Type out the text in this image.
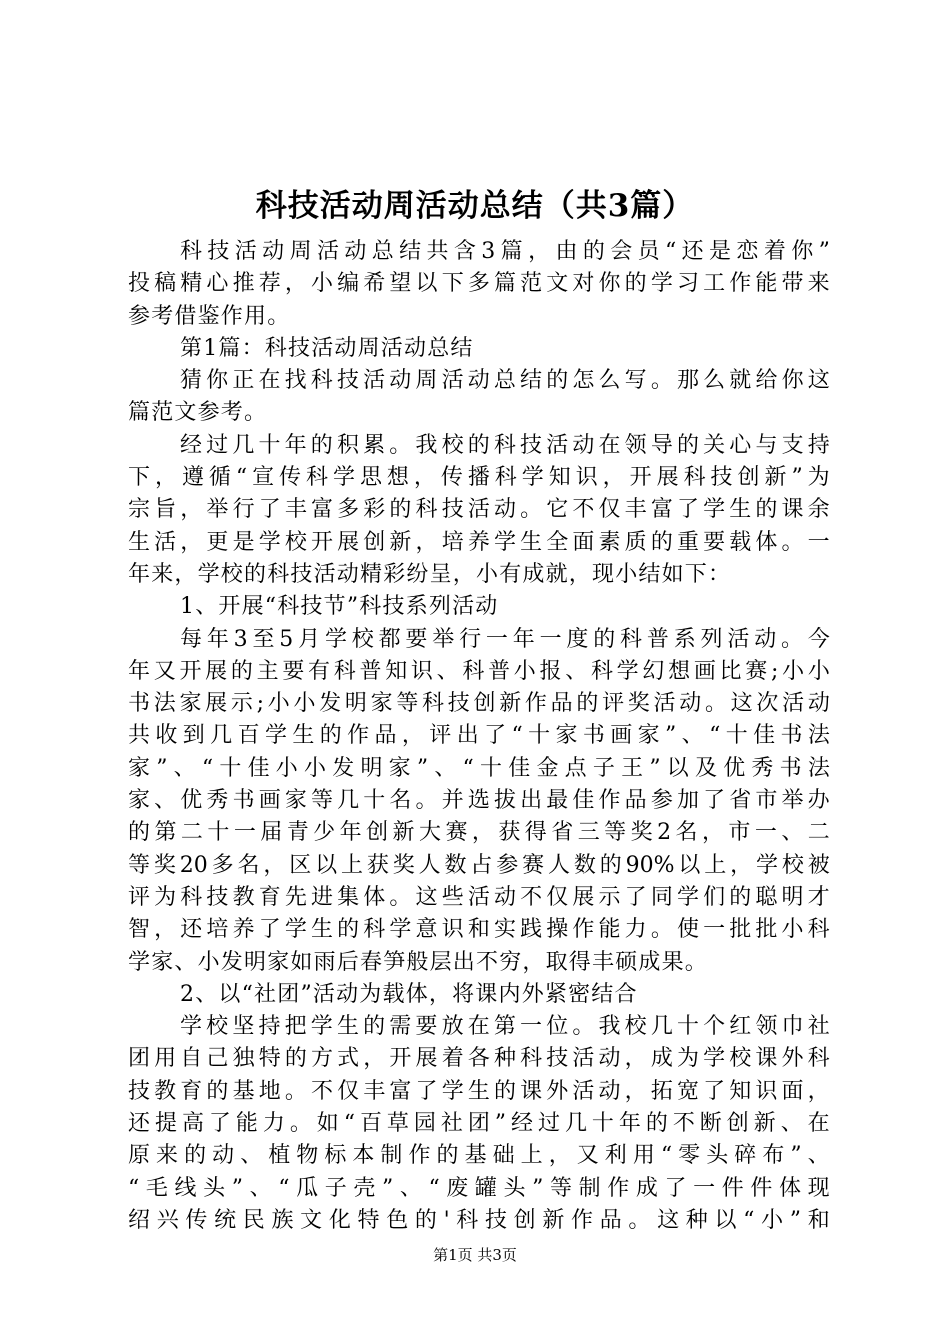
科技活动周活动总结（共3篇）
科 技 活 动 周 活 动 总 结 共 含 3 篇 ， 由 的 会 员 “ 还 是 恋 着 你 ”
投 稿 精 心 推 荐 ， 小 编 希 望 以 下 多 篇 范 文 对 你 的 学 习 工 作 能 带 来
参考借鉴作用。
第1篇：科技活动周活动总结
猜 你 正 在 找 科 技 活 动 周 活 动 总 结 的 怎 么 写 。 那 么 就 给 你 这
篇范文参考。
经 过 几 十 年 的 积 累 。 我 校 的 科 技 活 动 在 领 导 的 关 心 与 支 持
下 ， 遵 循 “ 宣 传 科 学 思 想 ， 传 播 科 学 知 识 ， 开 展 科 技 创 新 ” 为
宗 旨 ， 举 行 了 丰 富 多 彩 的 科 技 活 动 。 它 不 仅 丰 富 了 学 生 的 课 余
生 活 ， 更 是 学 校 开 展 创 新 ， 培 养 学 生 全 面 素 质 的 重 要 载 体 。 一
年来，学校的科技活动精彩纷呈，小有成就，现小结如下：
1、开展“科技节”科技系列活动
每 年 3 至 5 月 学 校 都 要 举 行 一 年 一 度 的 科 普 系 列 活 动 。 今
年 又 开 展 的 主 要 有 科 普 知 识 、 科 普 小 报 、 科 学 幻 想 画 比 赛 ; 小 小
书 法 家 展 示 ; 小 小 发 明 家 等 科 技 创 新 作 品 的 评 奖 活 动 。 这 次 活 动
共 收 到 几 百 学 生 的 作 品 ， 评 出 了 “ 十 家 书 画 家 ” 、 “ 十 佳 书 法
家 ” 、 “ 十 佳 小 小 发 明 家 ” 、 “ 十 佳 金 点 子 王 ” 以 及 优 秀 书 法
家 、 优 秀 书 画 家 等 几 十 名 。 并 选 拔 出 最 佳 作 品 参 加 了 省 市 举 办
的 第 二 十 一 届 青 少 年 创 新 大 赛 ， 获 得 省 三 等 奖 2 名 ， 市 一 、 二
等 奖 20 多 名 ， 区 以 上 获 奖 人 数 占 参 赛 人 数 的 90% 以 上 ， 学 校 被
评 为 科 技 教 育 先 进 集 体 。 这 些 活 动 不 仅 展 示 了 同 学 们 的 聪 明 才
智 ， 还 培 养 了 学 生 的 科 学 意 识 和 实 践 操 作 能 力 。 使 一 批 批 小 科
学家、小发明家如雨后春笋般层出不穷，取得丰硕成果。
2、以“社团”活动为载体，将课内外紧密结合
学 校 坚 持 把 学 生 的 需 要 放 在 第 一 位 。 我 校 几 十 个 红 领 巾 社
团 用 自 己 独 特 的 方 式 ， 开 展 着 各 种 科 技 活 动 ， 成 为 学 校 课 外 科
技 教 育 的 基 地 。 不 仅 丰 富 了 学 生 的 课 外 活 动 ， 拓 宽 了 知 识 面 ，
还 提 高 了 能 力 。 如 “ 百 草 园 社 团 ” 经 过 几 十 年 的 不 断 创 新 、 在
原 来 的 动 、 植 物 标 本 制 作 的 基 础 上 ， 又 利 用 “ 零 头 碎 布 ” 、
“ 毛 线 头 ” 、 “ 瓜 子 壳 ” 、 “ 废 罐 头 ” 等 制 作 成 了 一 件 件 体 现
绍 兴 传 统 民 族 文 化 特 色 的 ' 科 技 创 新 作 品 。 这 种 以 “ 小 ” 和
第1页 共3页
